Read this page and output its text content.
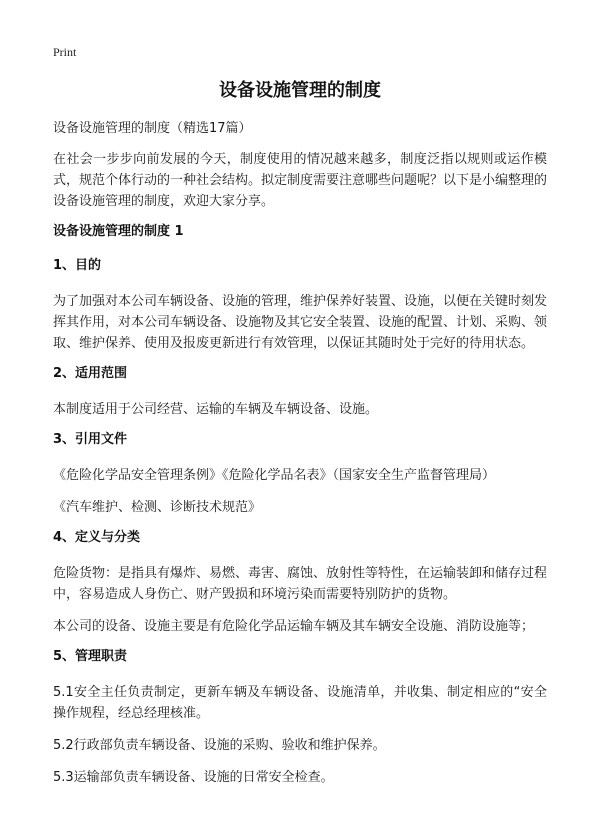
Print
设备设施管理的制度
设备设施管理的制度（精选17篇）

在社会一步步向前发展的今天，制度使用的情况越来越多，制度泛指以规则或运作模式，规范个体行动的一种社会结构。拟定制度需要注意哪些问题呢？以下是小编整理的设备设施管理的制度，欢迎大家分享。

设备设施管理的制度 1
1、目的

为了加强对本公司车辆设备、设施的管理，维护保养好装置、设施，以便在关键时刻发挥其作用，对本公司车辆设备、设施物及其它安全装置、设施的配置、计划、采购、领取、维护保养、使用及报废更新进行有效管理，以保证其随时处于完好的待用状态。

2、适用范围

本制度适用于公司经营、运输的车辆及车辆设备、设施。

3、引用文件

《危险化学品安全管理条例》《危险化学品名表》（国家安全生产监督管理局）

《汽车维护、检测、诊断技术规范》

4、定义与分类

危险货物：是指具有爆炸、易燃、毒害、腐蚀、放射性等特性，在运输装卸和储存过程中，容易造成人身伤亡、财产毁损和环境污染而需要特别防护的货物。

本公司的设备、设施主要是有危险化学品运输车辆及其车辆安全设施、消防设施等；

5、管理职责

5.1安全主任负责制定，更新车辆及车辆设备、设施清单，并收集、制定相应的“安全操作规程，经总经理核准。

5.2行政部负责车辆设备、设施的采购、验收和维护保养。

5.3运输部负责车辆设备、设施的日常安全检查。
